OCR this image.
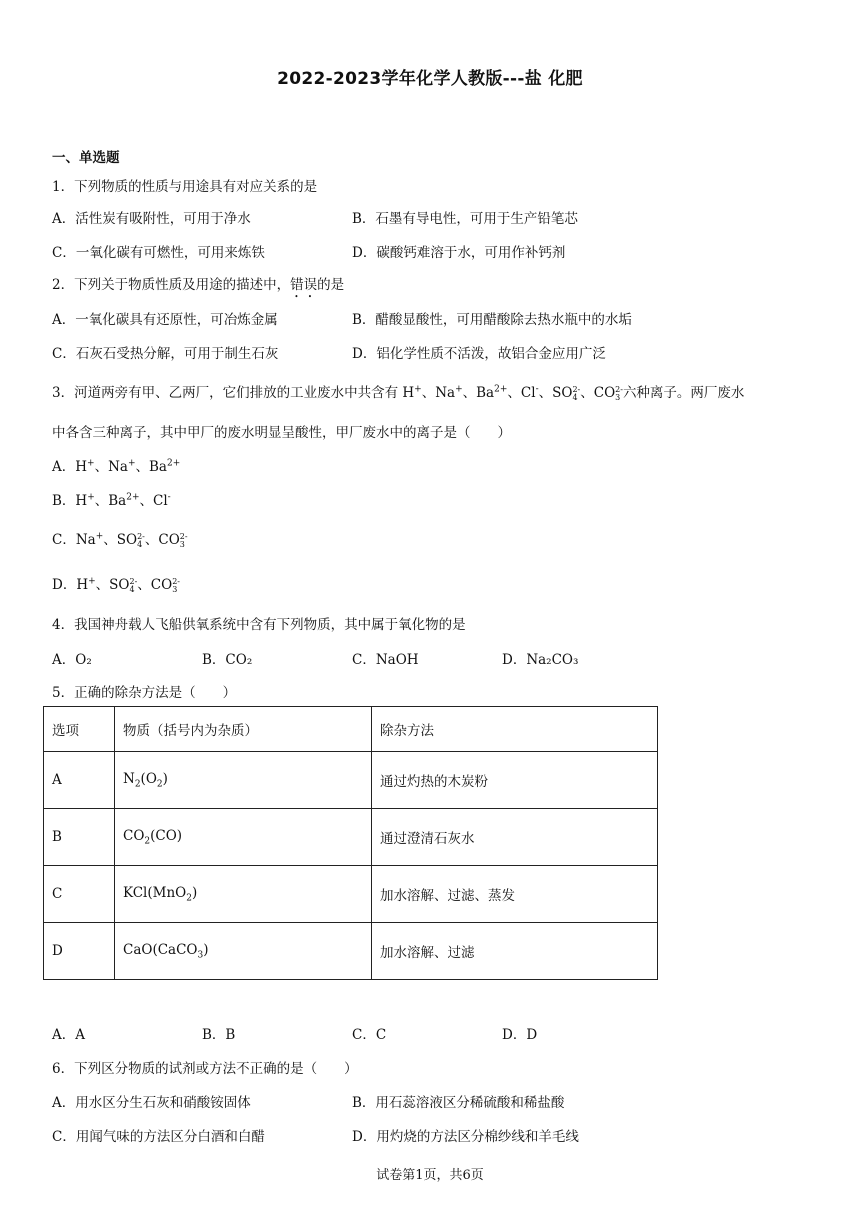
2022-2023学年化学人教版---盐 化肥
一、单选题
1．下列物质的性质与用途具有对应关系的是
A．活性炭有吸附性，可用于净水	B．石墨有导电性，可用于生产铅笔芯
C．一氧化碳有可燃性，可用来炼铁	D．碳酸钙难溶于水，可用作补钙剂
2．下列关于物质性质及用途的描述中，错误的是
A．一氧化碳具有还原性，可冶炼金属	B．醋酸显酸性，可用醋酸除去热水瓶中的水垢
C．石灰石受热分解，可用于制生石灰	D．铝化学性质不活泼，故铝合金应用广泛
3．河道两旁有甲、乙两厂，它们排放的工业废水中共含有 H+、Na+、$Ba^{2+}$、Cl-、SO2-
4 、CO2-
3 六种离子。两厂废水
中各含三种离子，其中甲厂的废水明显呈酸性，甲厂废水中的离子是（　　）
A．H+、Na+、$Ba^{2+}$
B．H+、$Ba^{2+}$、Cl-
C．Na+、SO2-
4 、CO2-
3
D．H+、SO2-
4 、CO2-
3
4．我国神舟载人飞船供氧系统中含有下列物质，其中属于氧化物的是
A．O₂	B．CO₂	C．NaOH	D．Na₂CO₃
5．正确的除杂方法是（　　）
选项	物质（括号内为杂质）	除杂方法
A	$N_2(O_2)$	通过灼热的木炭粉
B	$CO_2(CO)$	通过澄清石灰水
C	KCl(MnO$_2$)	加水溶解、过滤、蒸发
D	CaO(CaCO$_3$)	加水溶解、过滤
A．A	B．B	C．C	D．D
6．下列区分物质的试剂或方法不正确的是（　　）
A．用水区分生石灰和硝酸铵固体	B．用石蕊溶液区分稀硫酸和稀盐酸
C．用闻气味的方法区分白酒和白醋	D．用灼烧的方法区分棉纱线和羊毛线
试卷第1页，共6页
